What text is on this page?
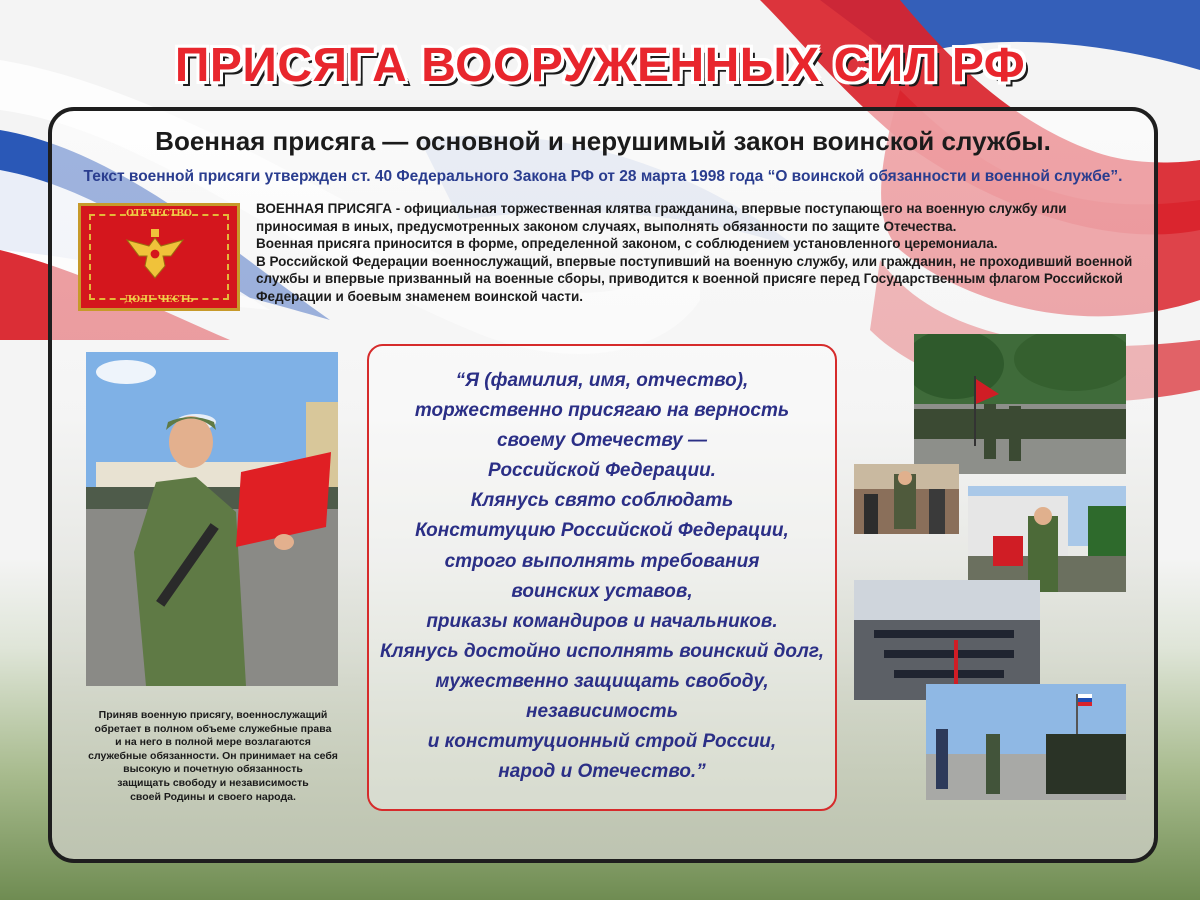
ПРИСЯГА ВООРУЖЕННЫХ СИЛ РФ
Военная присяга — основной и нерушимый закон воинской службы.
Текст военной присяги утвержден ст. 40 Федерального Закона РФ от 28 марта 1998 года “О воинской обязанности и военной службе”.
ОТЕЧЕСТВО
ДОЛГ ЧЕСТЬ

ВОЕННАЯ ПРИСЯГА - официальная торжественная клятва гражданина, впервые поступающего на военную службу или приносимая в иных, предусмотренных законом случаях, выполнять обязанности по защите Отечества.

Военная присяга приносится в форме, определенной законом, с соблюдением установленного церемониала.

В Российской Федерации военнослужащий, впервые поступивший на военную службу, или гражданин, не проходивший военной службы и впервые призванный на военные сборы, приводится к военной присяге перед Государственным флагом Российской Федерации и боевым знаменем воинской части.

Приняв военную присягу, военнослужащий
обретает в полном объеме служебные права
и на него в полной мере возлагаются
служебные обязанности. Он принимает на себя
высокую и почетную обязанность
защищать свободу и независимость
своей Родины и своего народа.
“Я (фамилия, имя, отчество),
торжественно присягаю на верность
своему Отечеству —
Российской Федерации.
Клянусь свято соблюдать
Конституцию Российской Федерации,
строго выполнять требования
воинских уставов,
приказы командиров и начальников.
Клянусь достойно исполнять воинский долг,
мужественно защищать свободу,
независимость
и конституционный строй России,
народ и Отечество.”
